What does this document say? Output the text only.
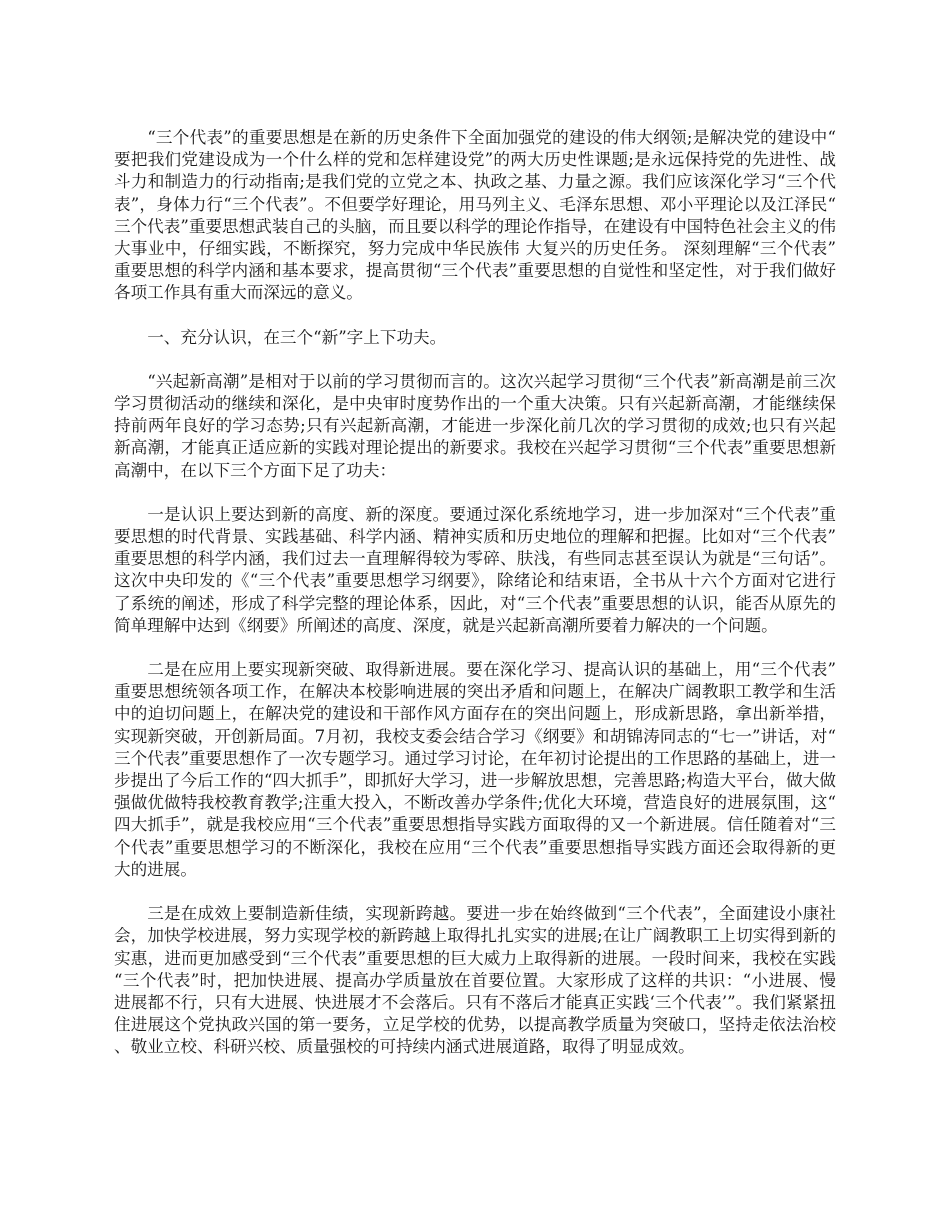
“三个代表”的重要思想是在新的历史条件下全面加强党的建设的伟大纲领;是解决党的建设中“要把我们党建设成为一个什么样的党和怎样建设党”的两大历史性课题;是永远保持党的先进性、战斗力和制造力的行动指南;是我们党的立党之本、执政之基、力量之源。我们应该深化学习“三个代表”，身体力行“三个代表”。不但要学好理论，用马列主义、毛泽东思想、邓小平理论以及江泽民“三个代表”重要思想武装自己的头脑，而且要以科学的理论作指导，在建设有中国特色社会主义的伟大事业中，仔细实践，不断探究，努力完成中华民族伟 大复兴的历史任务。 深刻理解“三个代表”重要思想的科学内涵和基本要求，提高贯彻“三个代表”重要思想的自觉性和坚定性，对于我们做好各项工作具有重大而深远的意义。

一、充分认识，在三个“新”字上下功夫。

“兴起新高潮”是相对于以前的学习贯彻而言的。这次兴起学习贯彻“三个代表”新高潮是前三次学习贯彻活动的继续和深化，是中央审时度势作出的一个重大决策。只有兴起新高潮，才能继续保持前两年良好的学习态势;只有兴起新高潮，才能进一步深化前几次的学习贯彻的成效;也只有兴起新高潮，才能真正适应新的实践对理论提出的新要求。我校在兴起学习贯彻“三个代表”重要思想新高潮中，在以下三个方面下足了功夫：

一是认识上要达到新的高度、新的深度。要通过深化系统地学习，进一步加深对“三个代表”重要思想的时代背景、实践基础、科学内涵、精神实质和历史地位的理解和把握。比如对“三个代表”重要思想的科学内涵，我们过去一直理解得较为零碎、肤浅，有些同志甚至误认为就是“三句话”。这次中央印发的《“三个代表”重要思想学习纲要》，除绪论和结束语，全书从十六个方面对它进行了系统的阐述，形成了科学完整的理论体系，因此，对“三个代表”重要思想的认识，能否从原先的简单理解中达到《纲要》所阐述的高度、深度，就是兴起新高潮所要着力解决的一个问题。

二是在应用上要实现新突破、取得新进展。要在深化学习、提高认识的基础上，用“三个代表”重要思想统领各项工作，在解决本校影响进展的突出矛盾和问题上，在解决广阔教职工教学和生活中的迫切问题上，在解决党的建设和干部作风方面存在的突出问题上，形成新思路，拿出新举措，实现新突破，开创新局面。7月初，我校支委会结合学习《纲要》和胡锦涛同志的“七一”讲话，对“三个代表”重要思想作了一次专题学习。通过学习讨论，在年初讨论提出的工作思路的基础上，进一步提出了今后工作的“四大抓手”，即抓好大学习，进一步解放思想，完善思路;构造大平台，做大做强做优做特我校教育教学;注重大投入，不断改善办学条件;优化大环境，营造良好的进展氛围，这“四大抓手”，就是我校应用“三个代表”重要思想指导实践方面取得的又一个新进展。信任随着对“三个代表”重要思想学习的不断深化，我校在应用“三个代表”重要思想指导实践方面还会取得新的更大的进展。

三是在成效上要制造新佳绩，实现新跨越。要进一步在始终做到“三个代表”，全面建设小康社会，加快学校进展，努力实现学校的新跨越上取得扎扎实实的进展;在让广阔教职工上切实得到新的实惠，进而更加感受到“三个代表”重要思想的巨大威力上取得新的进展。一段时间来，我校在实践“三个代表”时，把加快进展、提高办学质量放在首要位置。大家形成了这样的共识：“小进展、慢进展都不行，只有大进展、快进展才不会落后。只有不落后才能真正实践‘三个代表’”。我们紧紧扭住进展这个党执政兴国的第一要务，立足学校的优势，以提高教学质量为突破口，坚持走依法治校、敬业立校、科研兴校、质量强校的可持续内涵式进展道路，取得了明显成效。
